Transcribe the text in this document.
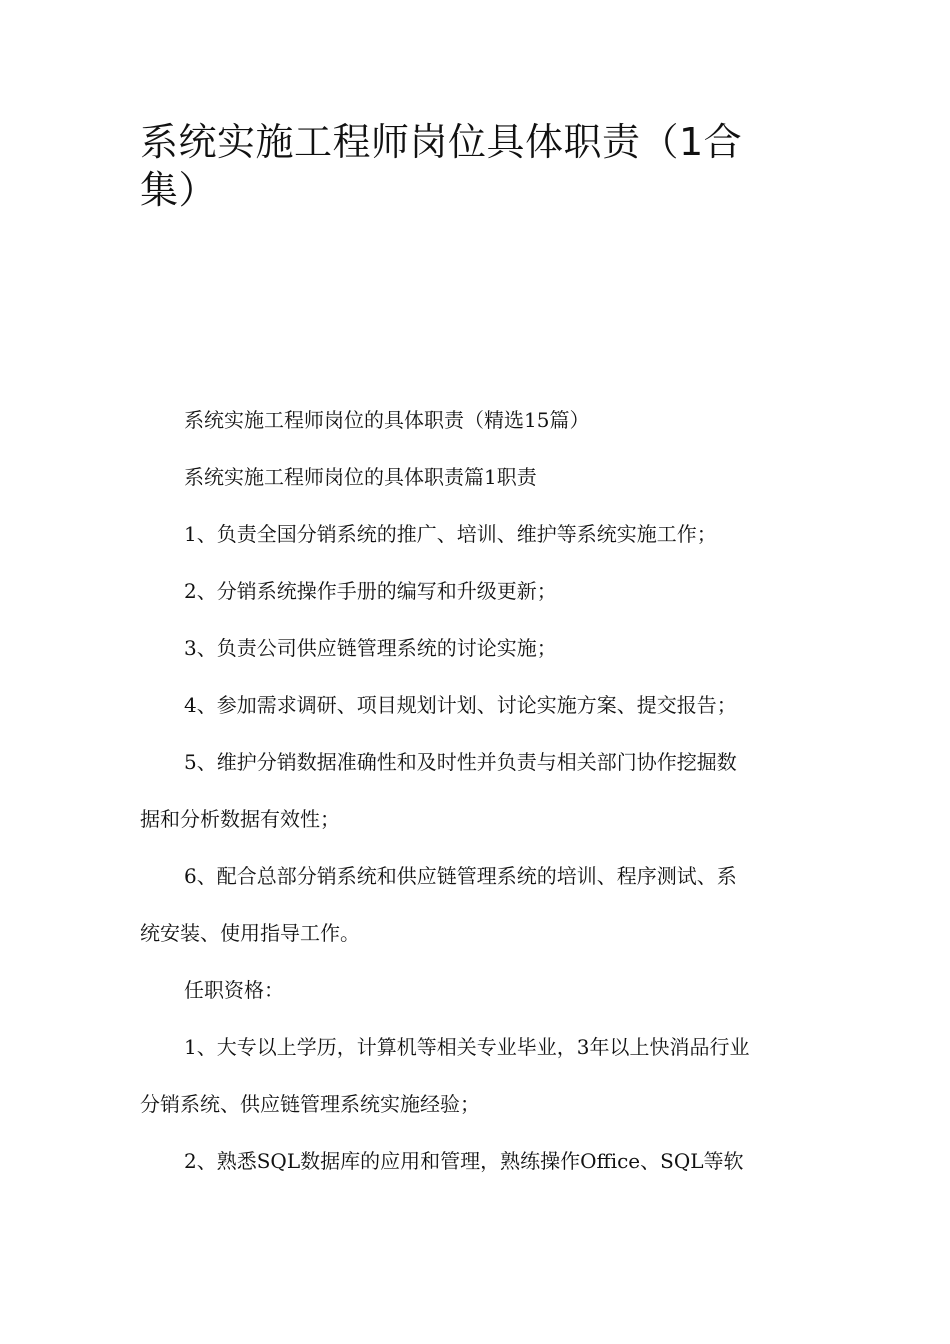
系统实施工程师岗位具体职责（1合
集）

系统实施工程师岗位的具体职责（精选15篇）

系统实施工程师岗位的具体职责篇1职责

1、负责全国分销系统的推广、培训、维护等系统实施工作；

2、分销系统操作手册的编写和升级更新；

3、负责公司供应链管理系统的讨论实施；

4、参加需求调研、项目规划计划、讨论实施方案、提交报告；

5、维护分销数据准确性和及时性并负责与相关部门协作挖掘数

据和分析数据有效性；

6、配合总部分销系统和供应链管理系统的培训、程序测试、系

统安装、使用指导工作。

任职资格：

1、大专以上学历，计算机等相关专业毕业，3年以上快消品行业

分销系统、供应链管理系统实施经验；

2、熟悉SQL数据库的应用和管理，熟练操作Office、SQL等软
